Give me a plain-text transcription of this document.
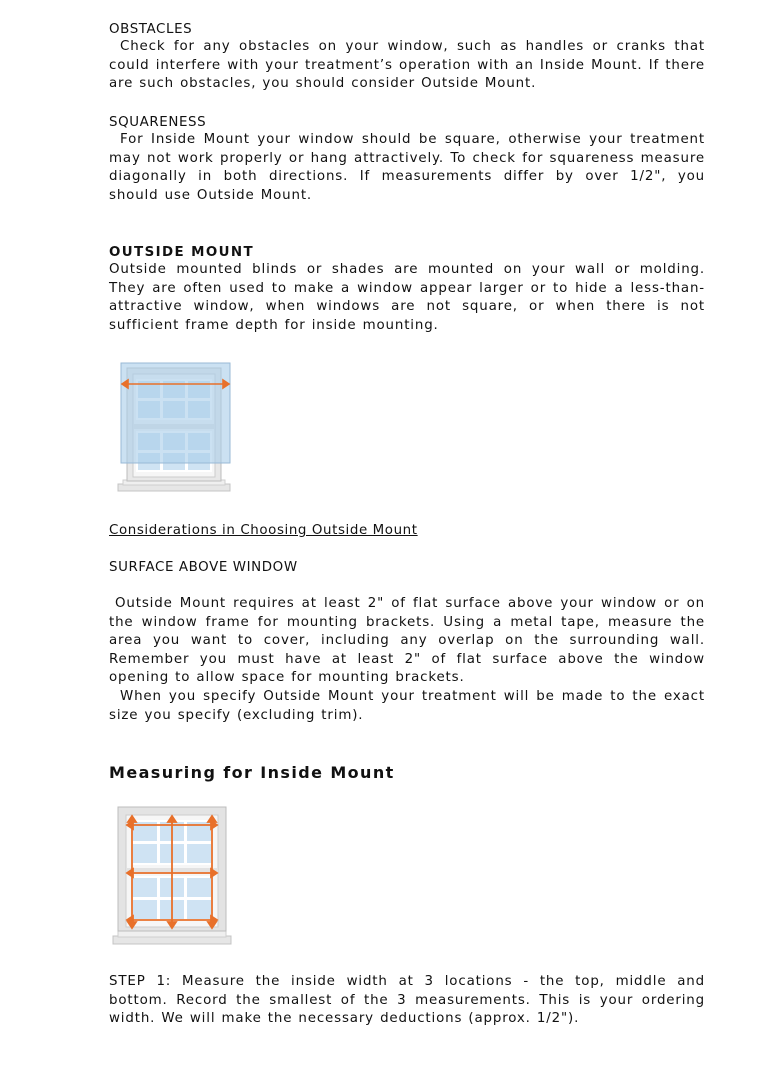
OBSTACLES
Check for any obstacles on your window, such as handles or cranks that could interfere with your treatment’s operation with an Inside Mount. If there are such obstacles, you should consider Outside Mount.
SQUARENESS
For Inside Mount your window should be square, otherwise your treatment may not work properly or hang attractively. To check for squareness measure diagonally in both directions. If measurements differ by over 1/2", you should use Outside Mount.
OUTSIDE MOUNT
Outside mounted blinds or shades are mounted on your wall or molding. They are often used to make a window appear larger or to hide a less-than-attractive window, when windows are not square, or when there is not sufficient frame depth for inside mounting.
Considerations in Choosing Outside Mount
SURFACE ABOVE WINDOW
Outside Mount requires at least 2" of flat surface above your window or on the window frame for mounting brackets. Using a metal tape, measure the area you want to cover, including any overlap on the surrounding wall. Remember you must have at least 2" of flat surface above the window opening to allow space for mounting brackets.
When you specify Outside Mount your treatment will be made to the exact size you specify (excluding trim).
Measuring for Inside Mount
STEP 1: Measure the inside width at 3 locations - the top, middle and bottom. Record the smallest of the 3 measurements. This is your ordering width. We will make the necessary deductions (approx. 1/2").
